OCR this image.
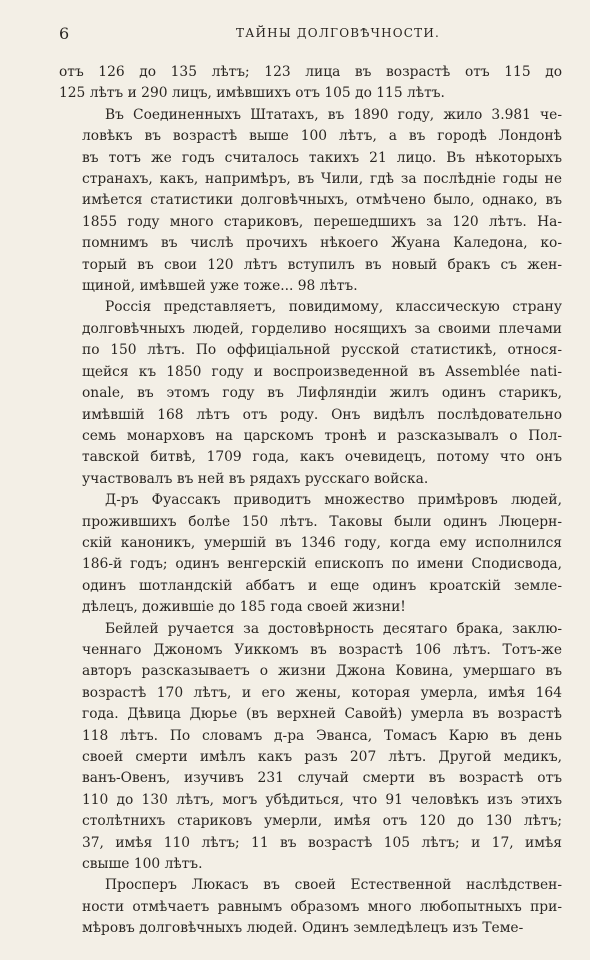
6	ТАЙНЫ ДОЛГОВѢЧНОСТИ.
отъ 126 до 135 лѣтъ; 123 лица въ возрастѣ отъ 115 до
125 лѣтъ и 290 лицъ, имѣвшихъ отъ 105 до 115 лѣтъ.
Въ Соединенныхъ Штатахъ, въ 1890 году, жило 3.981 че-
ловѣкъ въ возрастѣ выше 100 лѣтъ, а въ городѣ Лондонѣ
въ тотъ же годъ считалось такихъ 21 лицо. Въ нѣкоторыхъ
странахъ, какъ, напримѣръ, въ Чили, гдѣ за послѣдніе годы не
имѣется статистики долговѣчныхъ, отмѣчено было, однако, въ
1855 году много стариковъ, перешедшихъ за 120 лѣтъ. На-
помнимъ въ числѣ прочихъ нѣкоего Жуана Каледона, ко-
торый въ свои 120 лѣтъ вступилъ въ новый бракъ съ жен-
щиной, имѣвшей уже тоже... 98 лѣтъ.
Россія представляетъ, повидимому, классическую страну
долговѣчныхъ людей, горделиво носящихъ за своими плечами
по 150 лѣтъ. По оффиціальной русской статистикѣ, относя-
щейся къ 1850 году и воспроизведенной въ Assemblée nati-
onale, въ этомъ году въ Лифляндіи жилъ одинъ старикъ,
имѣвшій 168 лѣтъ отъ роду. Онъ видѣлъ послѣдовательно
семь монарховъ на царскомъ тронѣ и разсказывалъ о Пол-
тавской битвѣ, 1709 года, какъ очевидецъ, потому что онъ
участвовалъ въ ней въ рядахъ русскаго войска.
Д-ръ Фуассакъ приводитъ множество примѣровъ людей,
прожившихъ болѣе 150 лѣтъ. Таковы были одинъ Люцерн-
скій каноникъ, умершій въ 1346 году, когда ему исполнился
186-й годъ; одинъ венгерскій епископъ по имени Сподисвода,
одинъ шотландскій аббатъ и еще одинъ кроатскій земле-
дѣлецъ, дожившіе до 185 года своей жизни!
Бейлей ручается за достовѣрность десятаго брака, заклю-
ченнаго Джономъ Уиккомъ въ возрастѣ 106 лѣтъ. Тотъ-же
авторъ разсказываетъ о жизни Джона Ковина, умершаго въ
возрастѣ 170 лѣтъ, и его жены, которая умерла, имѣя 164
года. Дѣвица Дюрье (въ верхней Савойѣ) умерла въ возрастѣ
118 лѣтъ. По словамъ д-ра Эванса, Томасъ Карю въ день
своей смерти имѣлъ какъ разъ 207 лѣтъ. Другой медикъ,
ванъ-Овенъ, изучивъ 231 случай смерти въ возрастѣ отъ
110 до 130 лѣтъ, могъ убѣдиться, что 91 человѣкъ изъ этихъ
столѣтнихъ стариковъ умерли, имѣя отъ 120 до 130 лѣтъ;
37, имѣя 110 лѣтъ; 11 въ возрастѣ 105 лѣтъ; и 17, имѣя
свыше 100 лѣтъ.
Проспeръ Люкасъ въ своей Естественной наслѣдствен-
ности отмѣчаетъ равнымъ образомъ много любопытныхъ при-
мѣровъ долговѣчныхъ людей. Одинъ земледѣлецъ изъ Теме-
